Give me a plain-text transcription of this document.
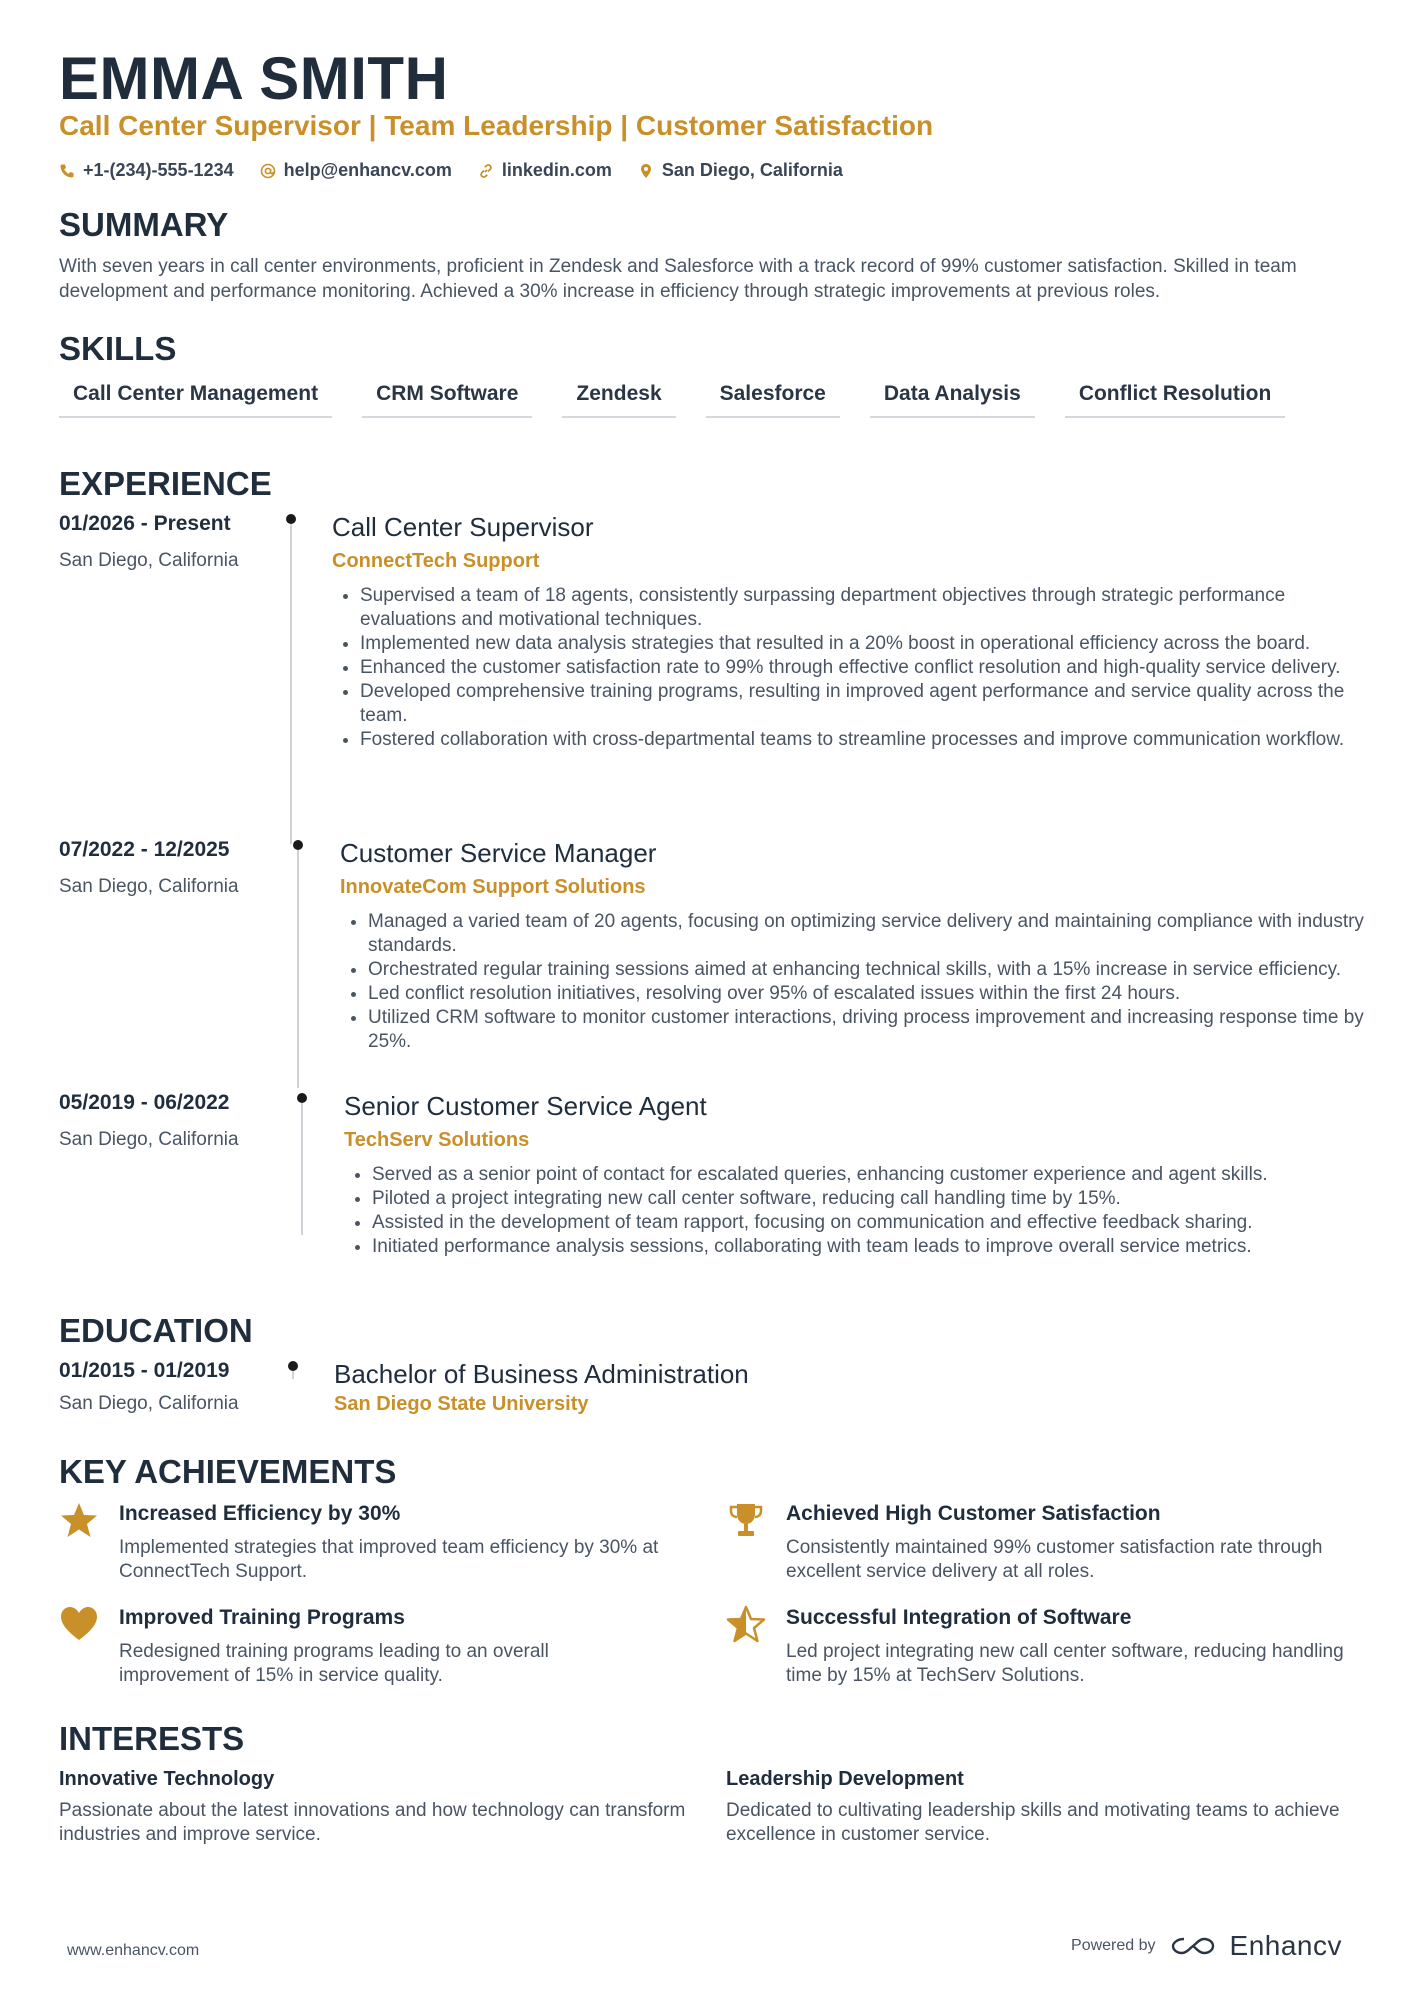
EMMA SMITH
Call Center Supervisor | Team Leadership | Customer Satisfaction
+1-(234)-555-1234	help@enhancv.com	linkedin.com	San Diego, California
SUMMARY
With seven years in call center environments, proficient in Zendesk and Salesforce with a track record of 99% customer satisfaction. Skilled in team development and performance monitoring. Achieved a 30% increase in efficiency through strategic improvements at previous roles.
SKILLS
Call Center Management	CRM Software	Zendesk	Salesforce	Data Analysis	Conflict Resolution
EXPERIENCE
01/2026 - Present
San Diego, California
Call Center Supervisor
ConnectTech Support
• Supervised a team of 18 agents, consistently surpassing department objectives through strategic performance evaluations and motivational techniques.
• Implemented new data analysis strategies that resulted in a 20% boost in operational efficiency across the board.
• Enhanced the customer satisfaction rate to 99% through effective conflict resolution and high-quality service delivery.
• Developed comprehensive training programs, resulting in improved agent performance and service quality across the team.
• Fostered collaboration with cross-departmental teams to streamline processes and improve communication workflow.
07/2022 - 12/2025
San Diego, California
Customer Service Manager
InnovateCom Support Solutions
• Managed a varied team of 20 agents, focusing on optimizing service delivery and maintaining compliance with industry standards.
• Orchestrated regular training sessions aimed at enhancing technical skills, with a 15% increase in service efficiency.
• Led conflict resolution initiatives, resolving over 95% of escalated issues within the first 24 hours.
• Utilized CRM software to monitor customer interactions, driving process improvement and increasing response time by 25%.
05/2019 - 06/2022
San Diego, California
Senior Customer Service Agent
TechServ Solutions
• Served as a senior point of contact for escalated queries, enhancing customer experience and agent skills.
• Piloted a project integrating new call center software, reducing call handling time by 15%.
• Assisted in the development of team rapport, focusing on communication and effective feedback sharing.
• Initiated performance analysis sessions, collaborating with team leads to improve overall service metrics.
EDUCATION
01/2015 - 01/2019
San Diego, California
Bachelor of Business Administration
San Diego State University
KEY ACHIEVEMENTS
Increased Efficiency by 30%
Implemented strategies that improved team efficiency by 30% at ConnectTech Support.
Achieved High Customer Satisfaction
Consistently maintained 99% customer satisfaction rate through excellent service delivery at all roles.
Improved Training Programs
Redesigned training programs leading to an overall improvement of 15% in service quality.
Successful Integration of Software
Led project integrating new call center software, reducing handling time by 15% at TechServ Solutions.
INTERESTS
Innovative Technology
Passionate about the latest innovations and how technology can transform industries and improve service.
Leadership Development
Dedicated to cultivating leadership skills and motivating teams to achieve excellence in customer service.
www.enhancv.com	Powered by	Enhancv
